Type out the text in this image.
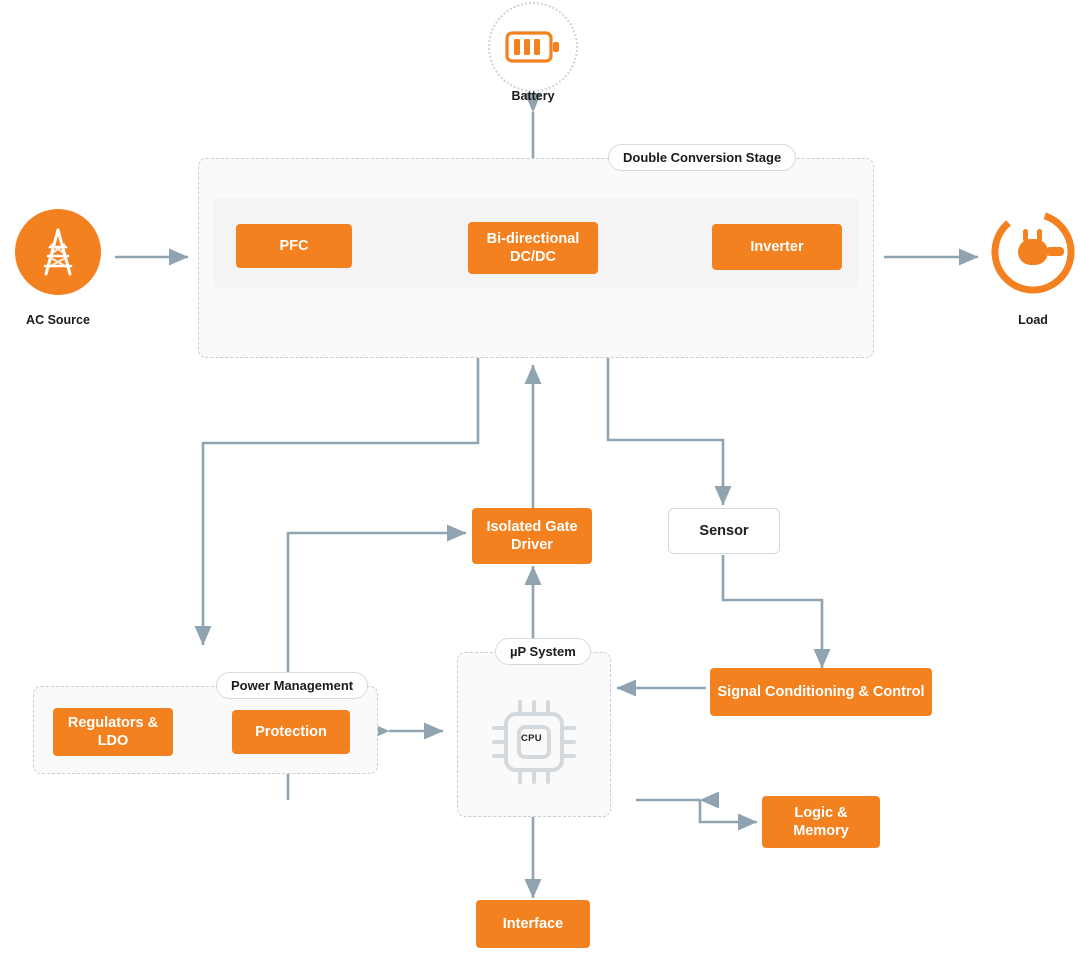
Battery
AC Source	Load
Double Conversion Stage
PFC	Bi-directional DC/DC
Inverter
Isolated Gate Driver
Sensor
Signal Conditioning & Control
Power Management
Regulators & LDO
Protection
µP System
CPU
Logic & Memory
Interface
